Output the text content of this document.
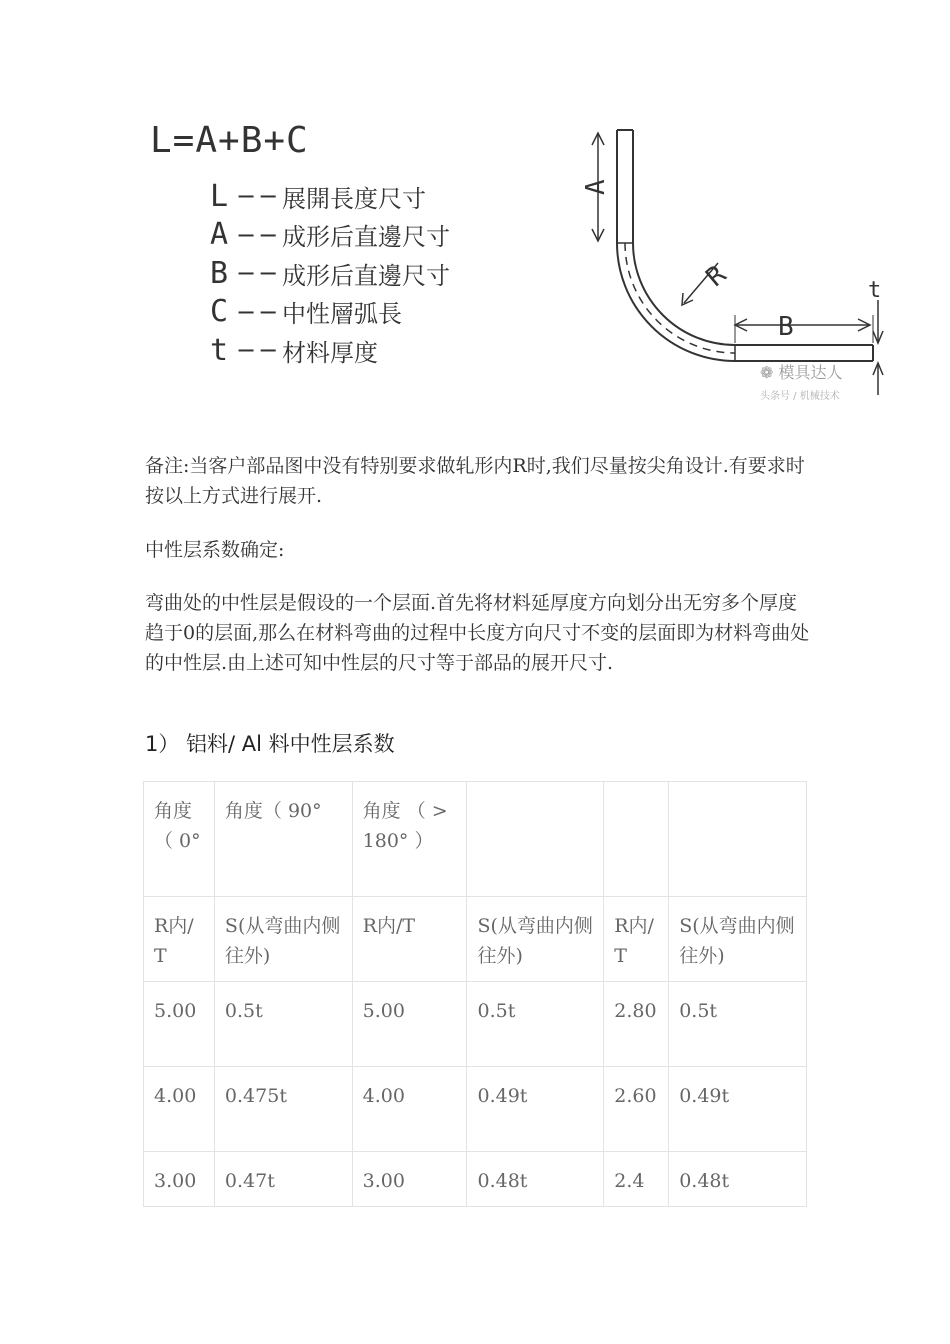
L=A+B+C
L −− 展開長度尺寸
A −− 成形后直邊尺寸
B −− 成形后直邊尺寸
C −− 中性層弧長
t −− 材料厚度
A
B
R	t
❁ 模具达人
头条号 / 机械技术
备注:当客户部品图中没有特别要求做轧形内R时,我们尽量按尖角设计.有要求时按以上方式进行展开.
中性层系数确定:
弯曲处的中性层是假设的一个层面.首先将材料延厚度方向划分出无穷多个厚度趋于0的层面,那么在材料弯曲的过程中长度方向尺寸不变的层面即为材料弯曲处的中性层.由上述可知中性层的尺寸等于部品的展开尺寸.
1） 铝料/ Al 料中性层系数
角度 （ 0°	角度（ 90°	角度 （ >180° ）			
R内/T	S(从弯曲内侧往外)	R内/T	S(从弯曲内侧往外)	R内/T	S(从弯曲内侧往外)
5.00	0.5t	5.00	0.5t	2.80	0.5t
4.00	0.475t	4.00	0.49t	2.60	0.49t
3.00	0.47t	3.00	0.48t	2.4	0.48t
